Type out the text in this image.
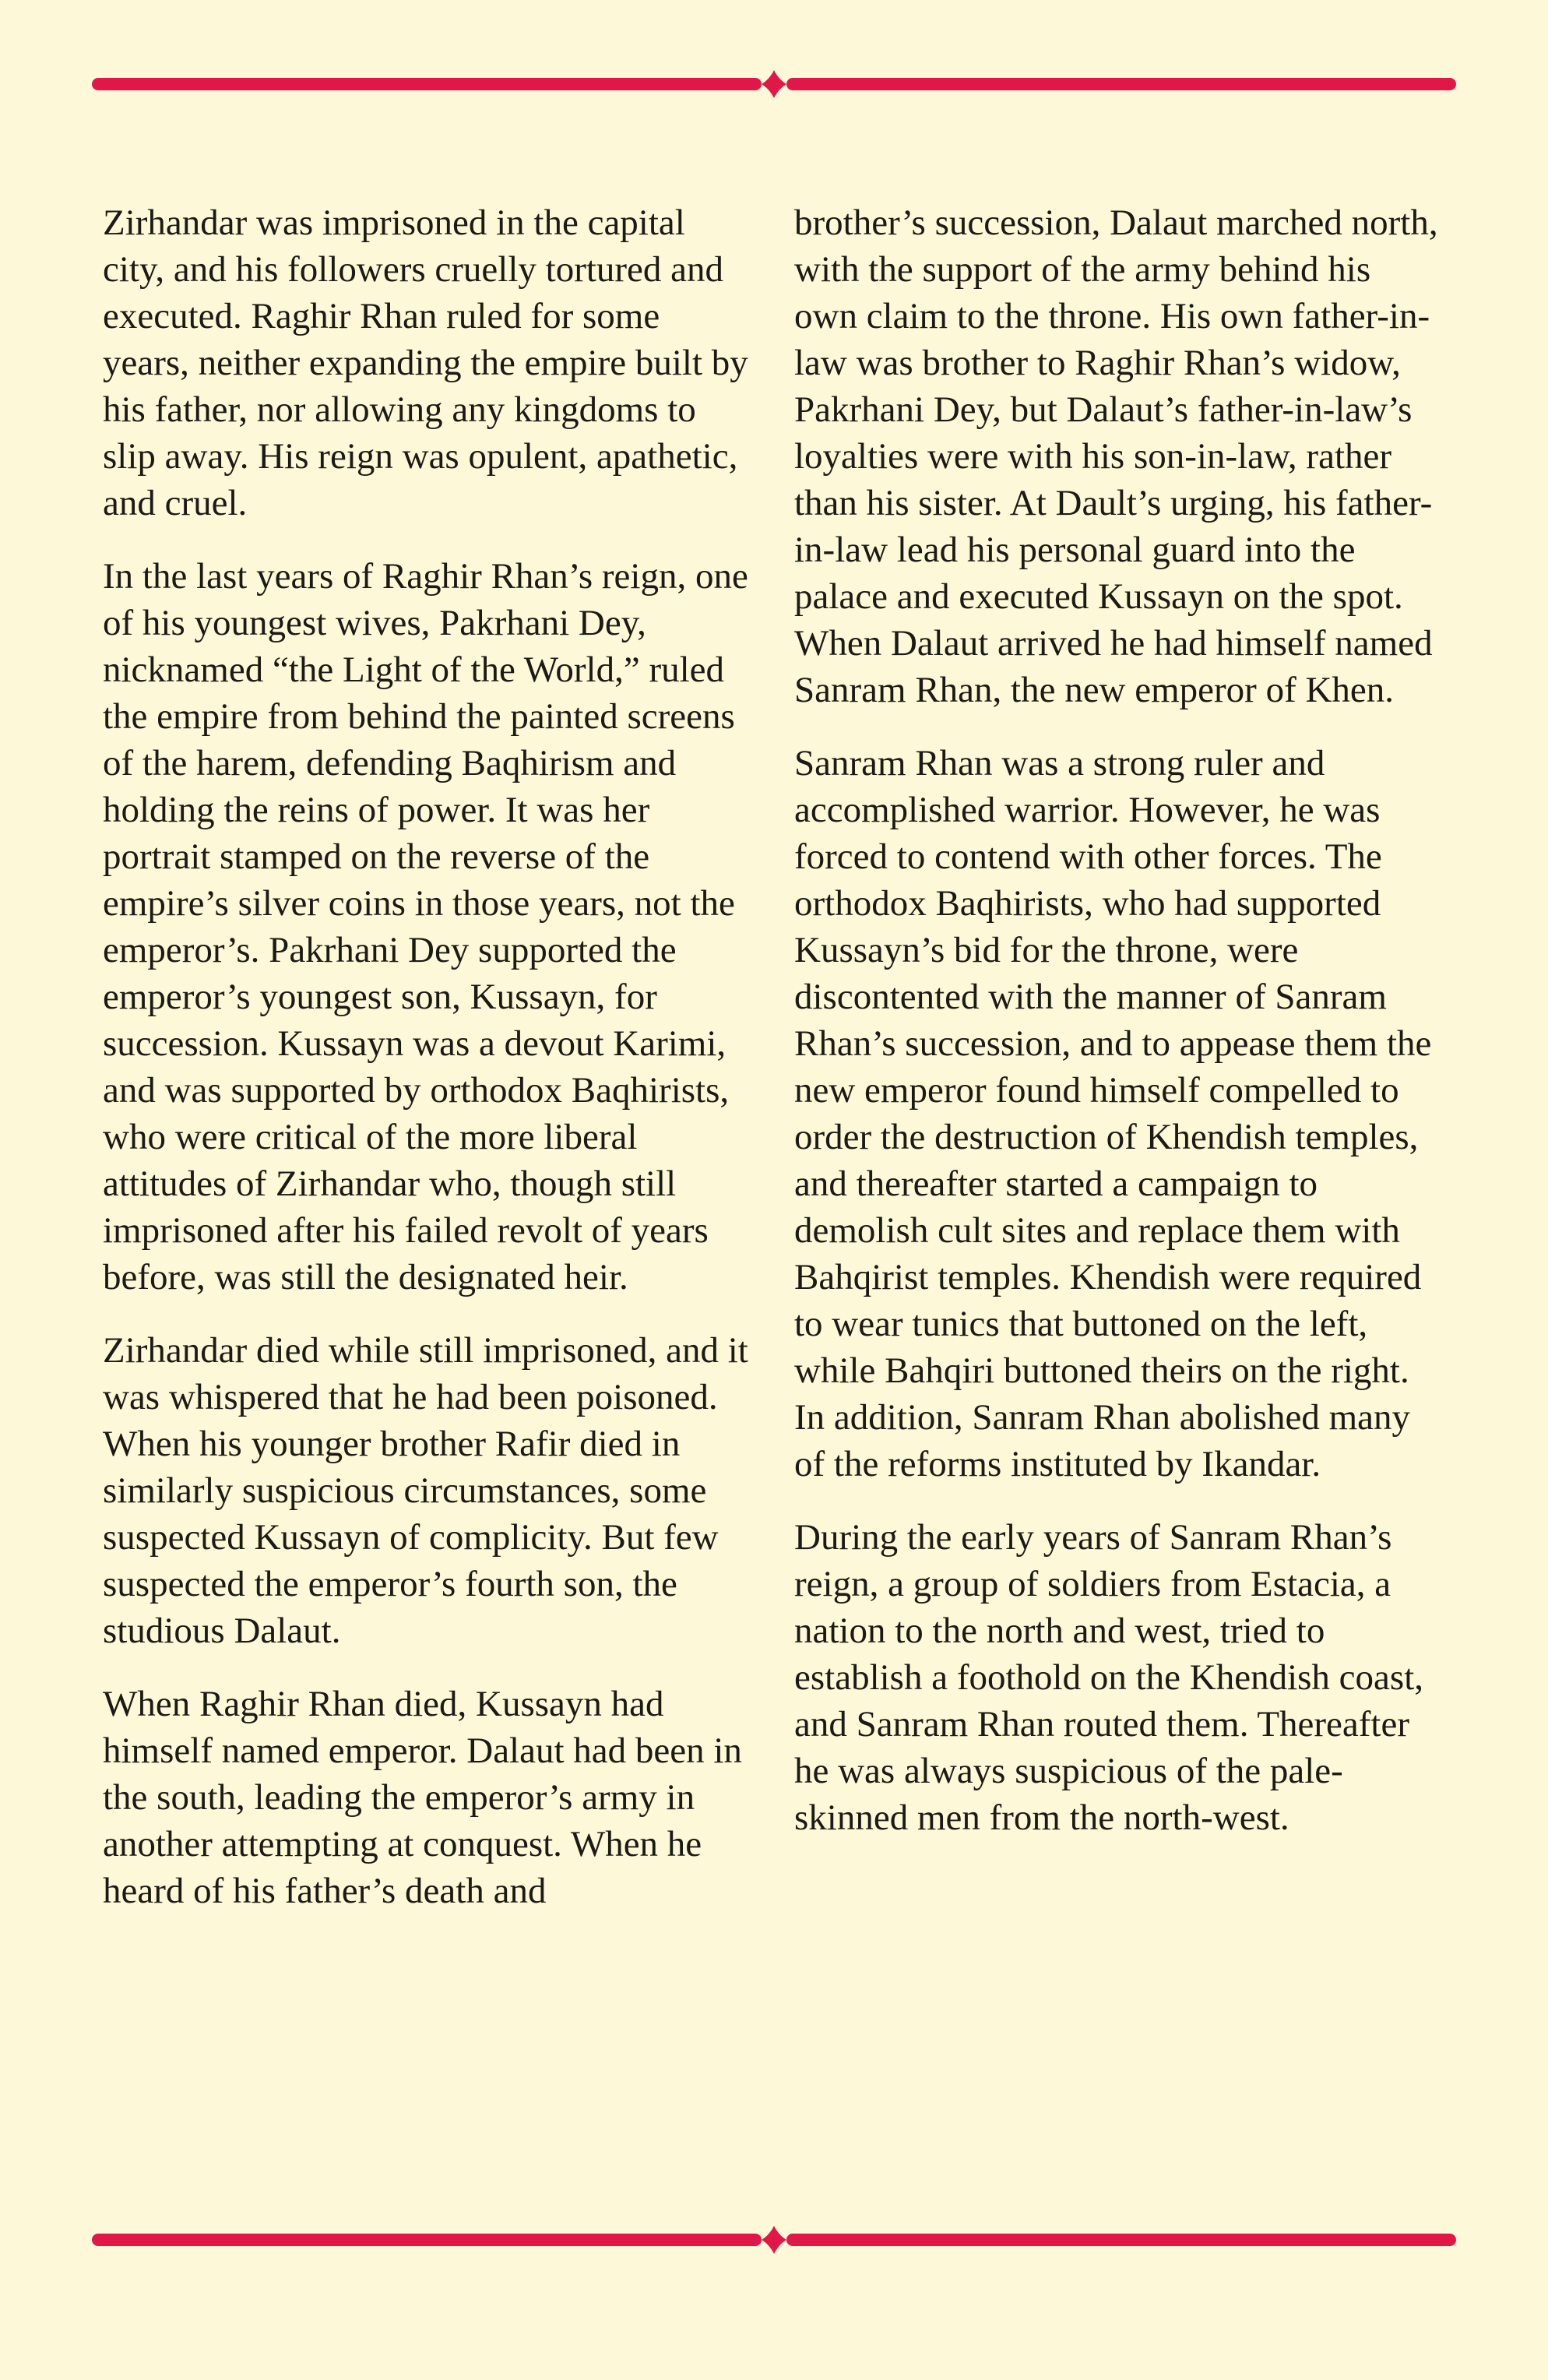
Zirhandar was imprisoned in the capital city, and his followers cruelly tortured and executed. Raghir Rhan ruled for some years, neither expanding the empire built by his father, nor allowing any kingdoms to slip away. His reign was opulent, apathetic, and cruel.

In the last years of Raghir Rhan’s reign, one of his youngest wives, Pakrhani Dey, nicknamed “the Light of the World,” ruled the empire from behind the painted screens of the harem, defending Baqhirism and holding the reins of power. It was her portrait stamped on the reverse of the empire’s silver coins in those years, not the emperor’s. Pakrhani Dey supported the emperor’s youngest son, Kussayn, for succession. Kussayn was a devout Karimi, and was supported by orthodox Baqhirists, who were critical of the more liberal attitudes of Zirhandar who, though still imprisoned after his failed revolt of years before, was still the designated heir.

Zirhandar died while still imprisoned, and it was whispered that he had been poisoned. When his younger brother Rafir died in similarly suspicious circumstances, some suspected Kussayn of complicity. But few suspected the emperor’s fourth son, the studious Dalaut.

When Raghir Rhan died, Kussayn had himself named emperor. Dalaut had been in the south, leading the emperor’s army in another attempting at conquest. When he heard of his father’s death and

brother’s succession, Dalaut marched north, with the support of the army behind his own claim to the throne. His own father-in-law was brother to Raghir Rhan’s widow, Pakrhani Dey, but Dalaut’s father-in-law’s loyalties were with his son-in-law, rather than his sister. At Dault’s urging, his father-in-law lead his personal guard into the palace and executed Kussayn on the spot. When Dalaut arrived he had himself named Sanram Rhan, the new emperor of Khen.

Sanram Rhan was a strong ruler and accomplished warrior. However, he was forced to contend with other forces. The orthodox Baqhirists, who had supported Kussayn’s bid for the throne, were discontented with the manner of Sanram Rhan’s succession, and to appease them the new emperor found himself compelled to order the destruction of Khendish temples, and thereafter started a campaign to demolish cult sites and replace them with Bahqirist temples. Khendish were required to wear tunics that buttoned on the left, while Bahqiri buttoned theirs on the right. In addition, Sanram Rhan abolished many of the reforms instituted by Ikandar.

During the early years of Sanram Rhan’s reign, a group of soldiers from Estacia, a nation to the north and west, tried to establish a foothold on the Khendish coast, and Sanram Rhan routed them. Thereafter he was always suspicious of the pale-skinned men from the north-west.
